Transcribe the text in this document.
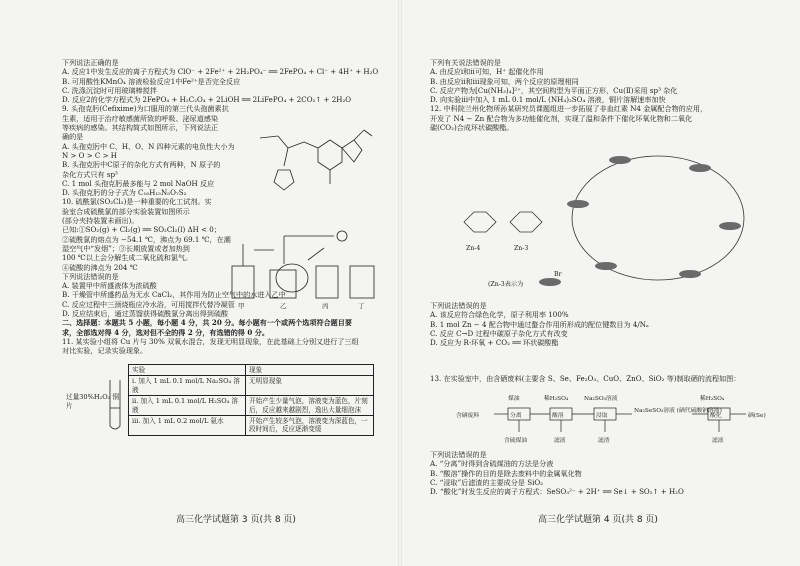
下列说法正确的是
A. 反应1中发生反应的离子方程式为 ClO⁻ + 2Fe²⁺ + 2H₂PO₄⁻ ══ 2FePO₄ + Cl⁻ + 4H⁺ + H₂O
B. 可用酸性KMnO₄ 溶液检验反应1中Fe²⁺是否完全反应
C. 洗涤沉淀时可用玻璃棒搅拌
D. 反应2的化学方程式为 2FePO₄ + H₂C₂O₄ + 2LiOH ══ 2LiFePO₄ + 2CO₂↑ + 2H₂O
9. 头孢克肟(Cefixime)为口服用的第三代头孢菌素抗
生素，适用于治疗敏感菌所致的呼吸、泌尿道感染
等疾病的感染。其结构简式如图所示，下列说法正
确的是
A. 头孢克肟中 C、H、O、N 四种元素的电负性大小为
N > O > C > H
B. 头孢克肟中C原子的杂化方式有两种，N 原子的
杂化方式只有 sp³
C. 1 mol 头孢克肟最多能与 2 mol NaOH 反应
D. 头孢克肟的分子式为 C₁₆H₁₅N₅O₇S₂
10. 硫酰氯(SO₂Cl₂)是一种重要的化工试剂。实
验室合成硫酰氯的部分实验装置如图所示
(部分夹持装置未画出)。
已知:①SO₂(g) + Cl₂(g) ══ SO₂Cl₂(l) ΔH < 0；
②硫酰氯的熔点为 −54.1 ℃，沸点为 69.1 ℃，在潮
湿空气中“发烟”；③长期放置或者加热到
100 ℃以上会分解生成二氧化硫和氯气。
④硫酸的沸点为 204 ℃
下列说法错误的是
A. 装置甲中所盛液体为浓硫酸
B. 干燥管中所盛药品为无水 CaCl₂，其作用为防止空气中的水进入乙中
C. 反应过程中三颈烧瓶应冷水浴，可用搅拌代替冷凝管
D. 反应结束后，通过蒸馏获得硫酰氯分离出得到硫酸
二、选择题：本题共 5 小题，每小题 4 分，共 20 分。每小题有一个或两个选项符合题目要
求，全部选对得 4 分，选对但不全的得 2 分，有选错的得 0 分。
11. 某实验小组将 Cu 片与 30% 双氧水混合，发现无明显现象，在此基础上分别又进行了三组
对比实验，记录实验现象。
甲	乙	丙	丁
过量30%H₂O₂ 铜片
实验	现象
ⅰ. 加入 1 mL 0.1 mol/L Na₂SO₄ 溶液	无明显现象
ⅱ. 加入 1 mL 0.1 mol/L H₂SO₄ 溶液	开始产生少量气泡，溶液变为蓝色，片刻后，反应越来越剧烈，逸出大量细泡沫
ⅲ. 加入 1 mL 0.2 mol/L 氨水	开始产生较多气泡，溶液变为深蓝色，一段时间后，反应逐渐变缓
高三化学试题第 3 页(共 8 页)
下列有关说法错误的是
A. 由反应ⅰ和ⅱ可知，H⁺ 起催化作用
B. 由反应ⅱ和ⅲ现象可知，两个反应的原理相同
C. 反应产物为[Cu(NH₃)₄]²⁺，其空间构型为平面正方形，Cu(Ⅱ)采用 sp³ 杂化
D. 向实验ⅲ中加入 1 mL 0.1 mol/L (NH₄)₂SO₄ 溶液，铜片溶解速率加快
12. 中科院兰州化物所孙某研究员课题组进一步拓展了非血红素 N4 金属配合物的应用，
开发了 N4 − Zn 配合物为多功能催化剂，实现了温和条件下催化环氧化物和二氧化
碳(CO₂)合成环状碳酸酯。
Zn-4	Zn-3
(Zn-3表示为
Br
下列说法错误的是
A. 该反应符合绿色化学，原子利用率 100%
B. 1 mol Zn − 4 配合物中通过螯合作用所形成的配位键数目为 4/Nₐ
C. 反应 C→D 过程中碳原子杂化方式有改变
D. 反应为 R-环氧 + CO₂ ══ 环状碳酸酯
13. 在实验室中，由含硒废料(主要含 S、Se、Fe₂O₃、CuO、ZnO、SiO₂ 等)制取硒的流程如图：
含硒废料	分离	酸溶	浸取
Na₂SeSO₃溶液 (硒代硫酸钠溶液)
酸化	硒(Se)
煤油	稀H₂SO₄	Na₂SO₃溶液	稀H₂SO₄
含硫煤油	滤液	滤渣	滤液
下列说法错误的是
A. “分离”时得到含硫煤油的方法是分液
B. “酸溶”操作的目的是除去废料中的金属氧化物
C. “浸取”后滤渣的主要成分是 SiO₂
D. “酸化”时发生反应的离子方程式：SeSO₃²⁻ + 2H⁺ ══ Se↓ + SO₂↑ + H₂O
高三化学试题第 4 页(共 8 页)
